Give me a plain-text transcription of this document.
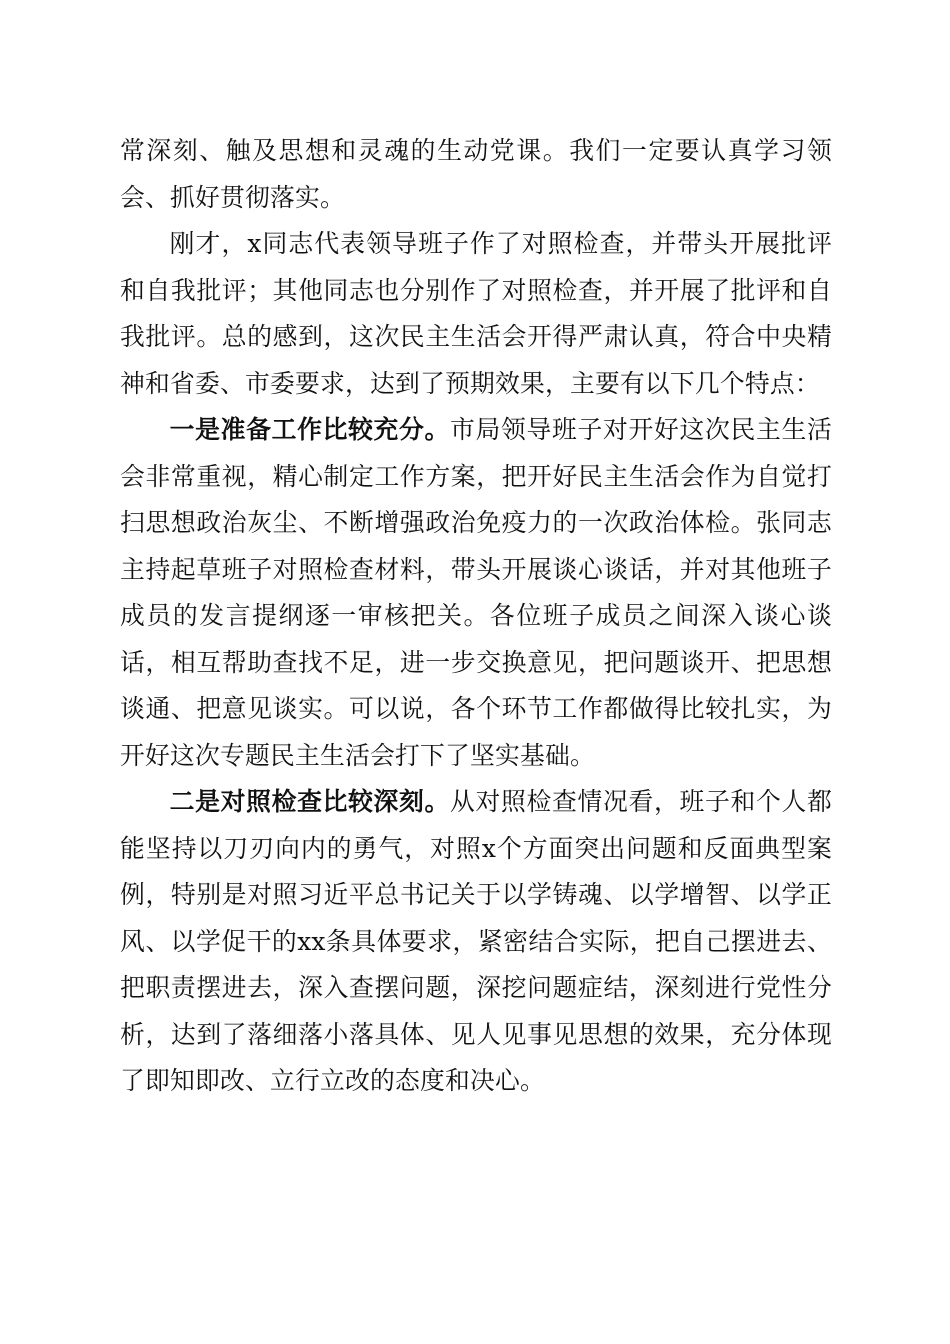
常深刻、触及思想和灵魂的生动党课。我们一定要认真学习领会、抓好贯彻落实。

刚才，x同志代表领导班子作了对照检查，并带头开展批评和自我批评；其他同志也分别作了对照检查，并开展了批评和自我批评。总的感到，这次民主生活会开得严肃认真，符合中央精神和省委、市委要求，达到了预期效果，主要有以下几个特点：

一是准备工作比较充分。市局领导班子对开好这次民主生活会非常重视，精心制定工作方案，把开好民主生活会作为自觉打扫思想政治灰尘、不断增强政治免疫力的一次政治体检。张同志主持起草班子对照检查材料，带头开展谈心谈话，并对其他班子成员的发言提纲逐一审核把关。各位班子成员之间深入谈心谈话，相互帮助查找不足，进一步交换意见，把问题谈开、把思想谈通、把意见谈实。可以说，各个环节工作都做得比较扎实，为开好这次专题民主生活会打下了坚实基础。

二是对照检查比较深刻。从对照检查情况看，班子和个人都能坚持以刀刃向内的勇气，对照x个方面突出问题和反面典型案例，特别是对照习近平总书记关于以学铸魂、以学增智、以学正风、以学促干的xx条具体要求，紧密结合实际，把自己摆进去、把职责摆进去，深入查摆问题，深挖问题症结，深刻进行党性分析，达到了落细落小落具体、见人见事见思想的效果，充分体现了即知即改、立行立改的态度和决心。
